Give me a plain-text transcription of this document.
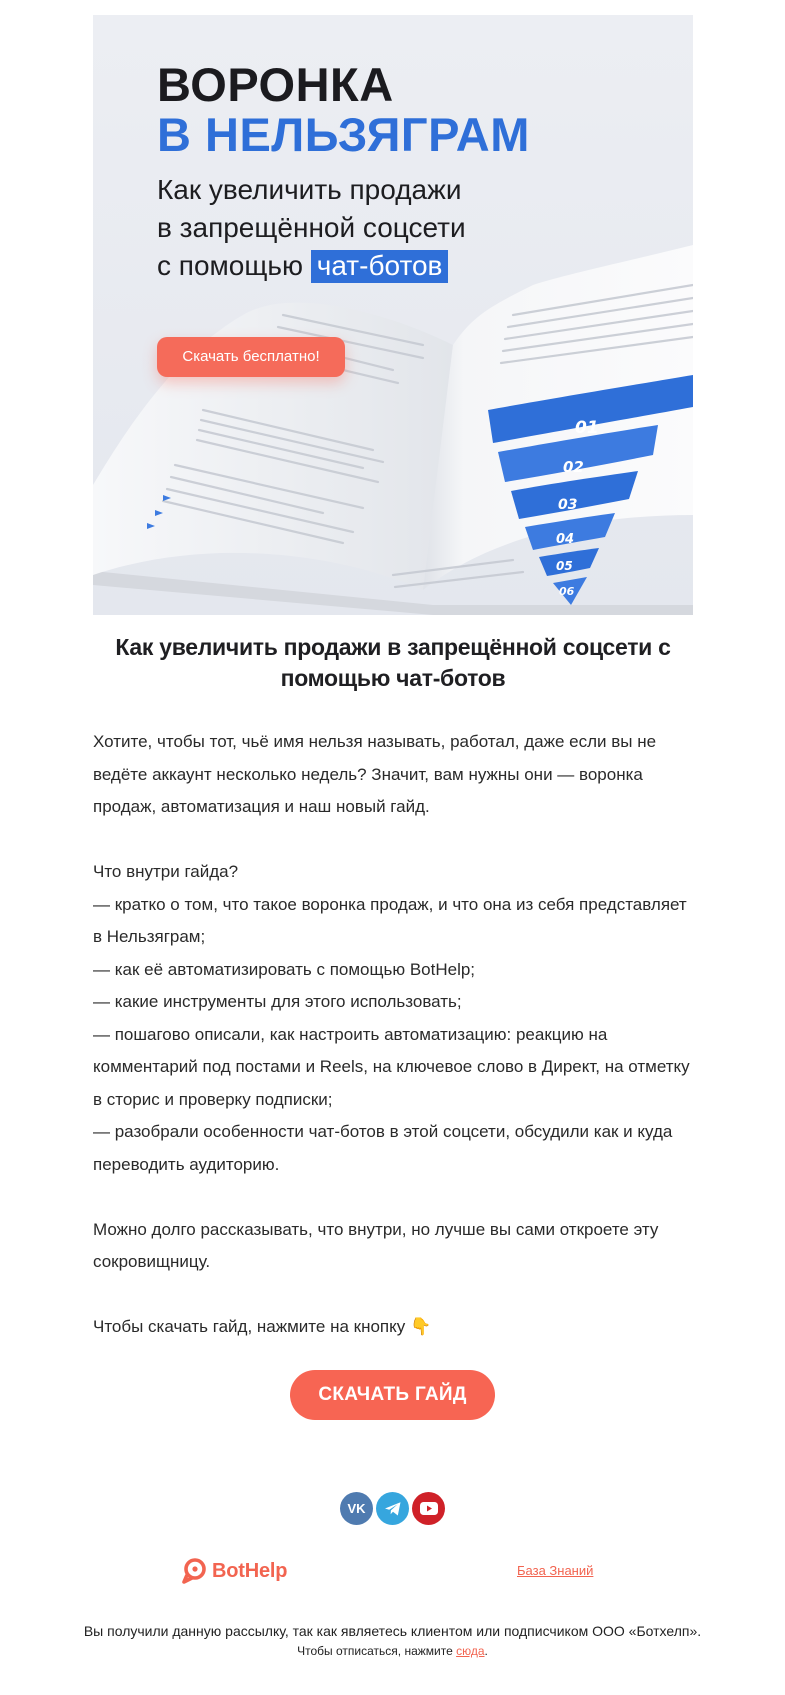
01
02
03
04
05
06
ВОРОНКА
В НЕЛЬЗЯГРАМ
Как увеличить продажи
в запрещённой соцсети
с помощью чат-ботов
Скачать бесплатно!
Как увеличить продажи в запрещённой соцсети с помощью чат-ботов

Хотите, чтобы тот, чьё имя нельзя называть, работал, даже если вы не

ведёте аккаунт несколько недель? Значит, вам нужны они — воронка

продаж, автоматизация и наш новый гайд.

Что внутри гайда?

— кратко о том, что такое воронка продаж, и что она из себя представляет

в Нельзяграм;

— как её автоматизировать с помощью BotHelp;

— какие инструменты для этого использовать;

— пошагово описали, как настроить автоматизацию: реакцию на

комментарий под постами и Reels, на ключевое слово в Директ, на отметку

в сторис и проверку подписки;

— разобрали особенности чат-ботов в этой соцсети, обсудили как и куда

переводить аудиторию.

Можно долго рассказывать, что внутри, но лучше вы сами откроете эту

сокровищницу.

Чтобы скачать гайд, нажмите на кнопку 👇

СКАЧАТЬ ГАЙД
VK
BotHelp	База Знаний
Вы получили данную рассылку, так как являетесь клиентом или подписчиком ООО «Ботхелп».
Чтобы отписаться, нажмите сюда.
